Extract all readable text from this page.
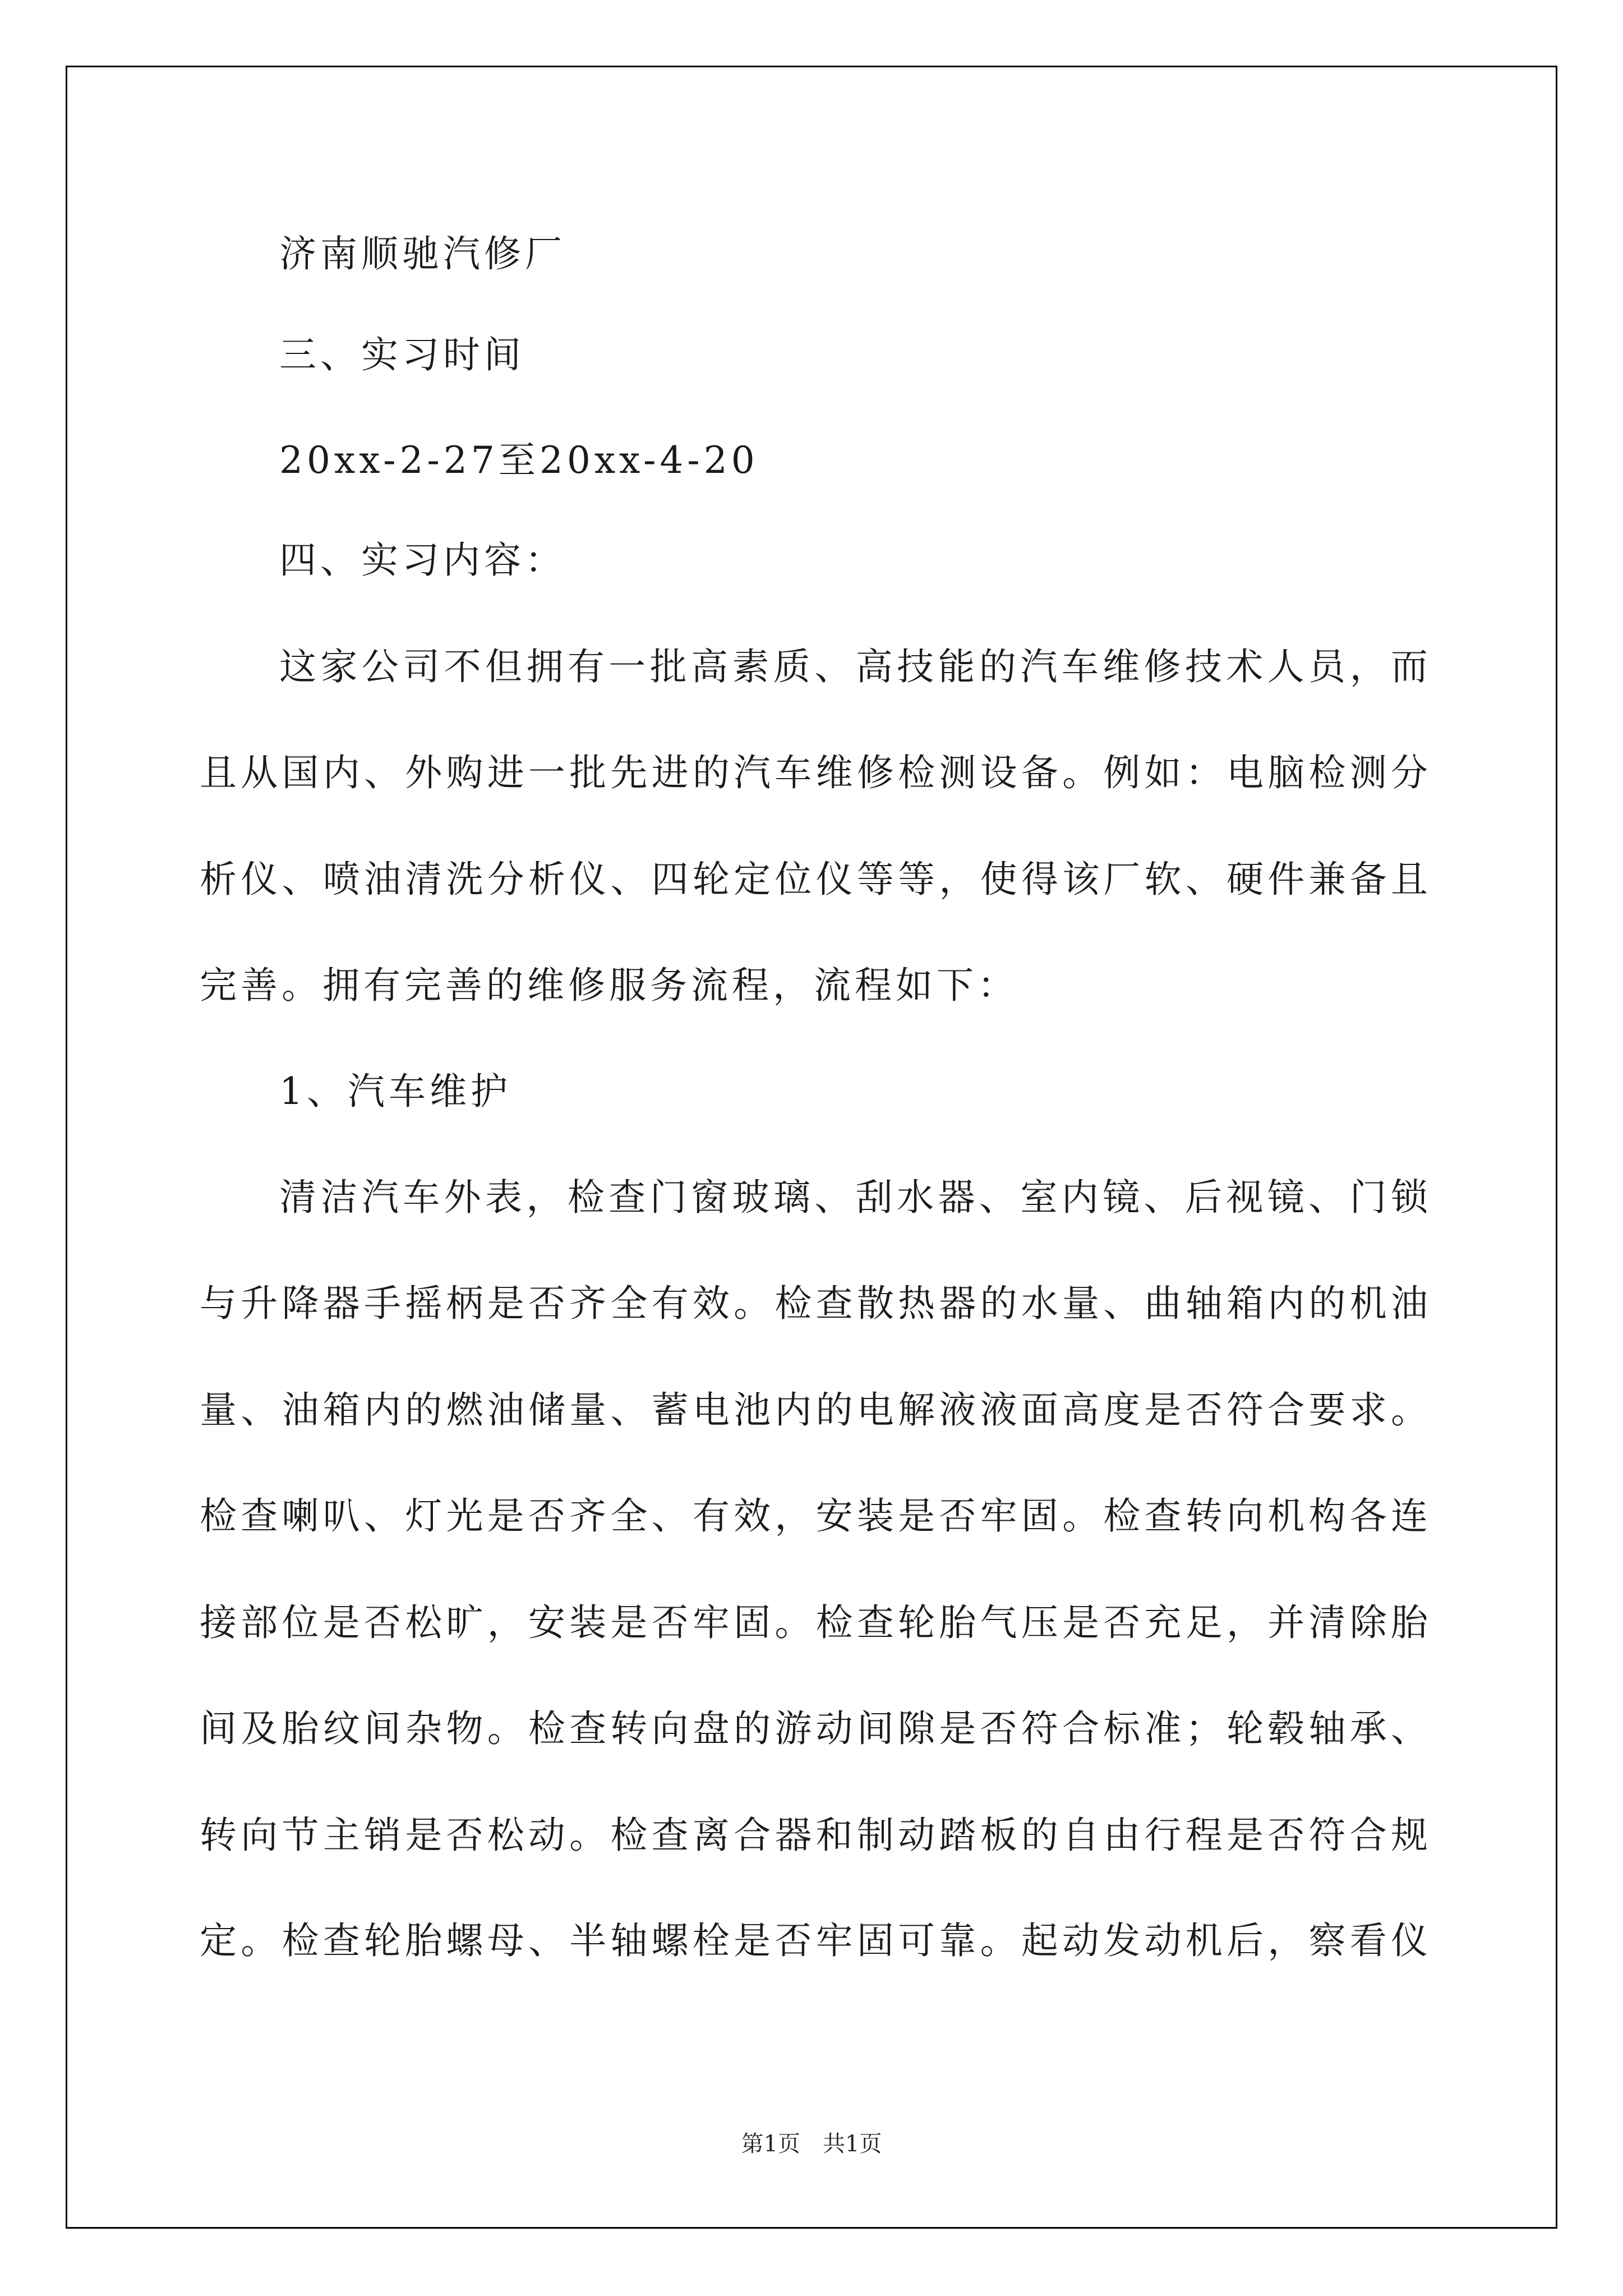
济南顺驰汽修厂
三、实习时间
20xx-2-27至20xx-4-20
四、实习内容：
这家公司不但拥有一批高素质、高技能的汽车维修技术人员，而
且从国内、外购进一批先进的汽车维修检测设备。例如：电脑检测分
析仪、喷油清洗分析仪、四轮定位仪等等，使得该厂软、硬件兼备且
完善。拥有完善的维修服务流程，流程如下：
1、汽车维护
清洁汽车外表，检查门窗玻璃、刮水器、室内镜、后视镜、门锁
与升降器手摇柄是否齐全有效。检查散热器的水量、曲轴箱内的机油
量、油箱内的燃油储量、蓄电池内的电解液液面高度是否符合要求。
检查喇叭、灯光是否齐全、有效，安装是否牢固。检查转向机构各连
接部位是否松旷，安装是否牢固。检查轮胎气压是否充足，并清除胎
间及胎纹间杂物。检查转向盘的游动间隙是否符合标准；轮毂轴承、
转向节主销是否松动。检查离合器和制动踏板的自由行程是否符合规
定。检查轮胎螺母、半轴螺栓是否牢固可靠。起动发动机后，察看仪
第1页　共1页
